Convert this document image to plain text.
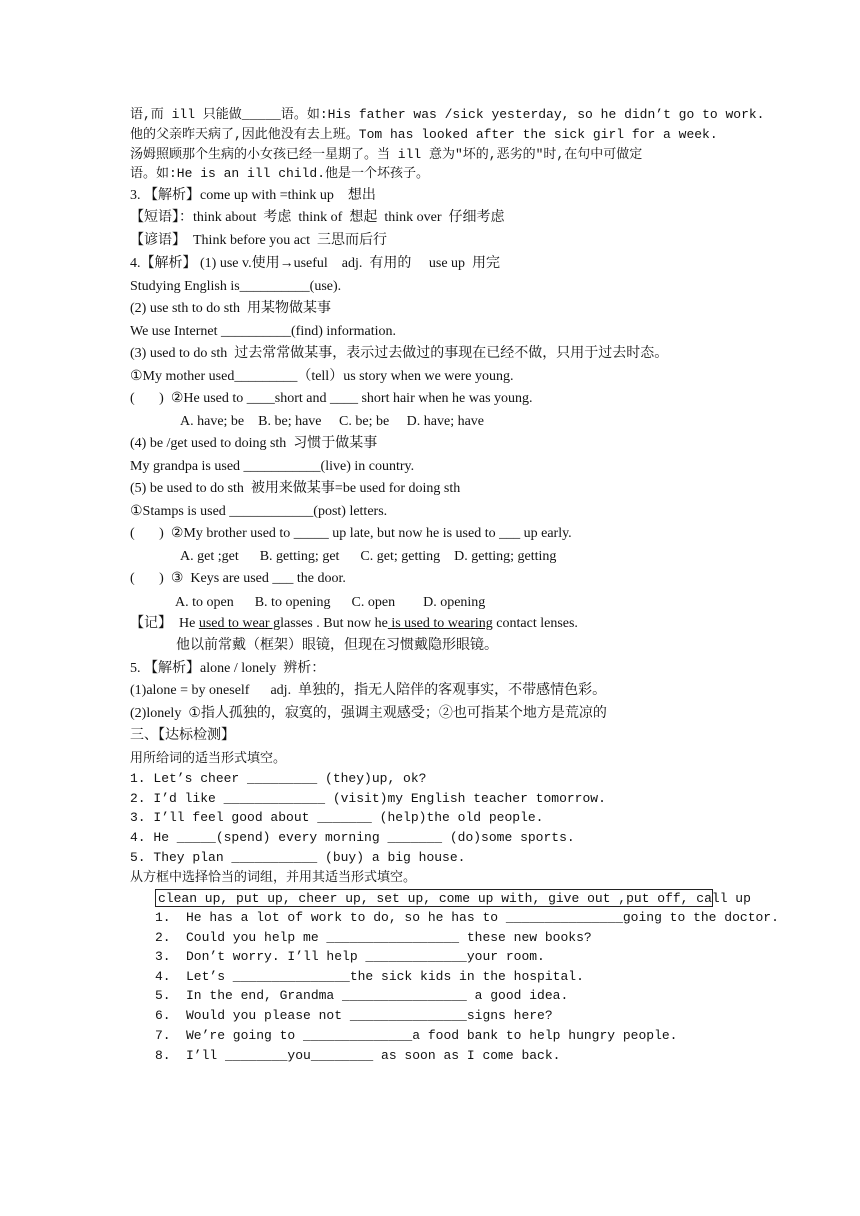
语,而 ill 只能做_____语。如:His father was /sick yesterday, so he didn’t go to work.
他的父亲昨天病了,因此他没有去上班。Tom has looked after the sick girl for a week.
汤姆照顾那个生病的小女孩已经一星期了。当 ill 意为"坏的,恶劣的"时,在句中可做定
语。如:He is an ill child.他是一个坏孩子。
3. 【解析】come up with =think up    想出
【短语】：think about  考虑  think of  想起  think over  仔细考虑
【谚语】  Think before you act  三思而后行
4.【解析】 (1) use v.使用→useful    adj.  有用的     use up  用完
Studying English is__________(use).
(2) use sth to do sth  用某物做某事
We use Internet __________(find) information.
(3) used to do sth  过去常常做某事，表示过去做过的事现在已经不做，只用于过去时态。
①My mother used_________（tell）us story when we were young.
(       )  ②He used to ____short and ____ short hair when he was young.
A. have; be    B. be; have     C. be; be     D. have; have
(4) be /get used to doing sth  习惯于做某事
My grandpa is used ___________(live) in country.
(5) be used to do sth  被用来做某事=be used for doing sth
①Stamps is used ____________(post) letters.
(       )  ②My brother used to _____ up late, but now he is used to ___ up early.
A. get ;get      B. getting; get      C. get; getting    D. getting; getting
(       )  ③  Keys are used ___ the door.
A. to open      B. to opening      C. open        D. opening
【记】  He used to wear glasses . But now he is used to wearing contact lenses.
他以前常戴（框架）眼镜，但现在习惯戴隐形眼镜。
5. 【解析】alone / lonely  辨析：
(1)alone = by oneself      adj.  单独的，指无人陪伴的客观事实，不带感情色彩。
(2)lonely  ①指人孤独的，寂寞的，强调主观感受；②也可指某个地方是荒凉的
三、【达标检测】
用所给词的适当形式填空。
1. Let’s cheer _________ (they)up, ok?
2. I’d like _____________ (visit)my English teacher tomorrow.
3. I’ll feel good about _______ (help)the old people.
4. He _____(spend) every morning _______ (do)some sports.
5. They plan ___________ (buy) a big house.
从方框中选择恰当的词组，并用其适当形式填空。
clean up, put up, cheer up, set up, come up with, give out ,put off, call up
1. He has a lot of work to do, so he has to _______________going to the doctor.
2. Could you help me _________________ these new books?
3. Don’t worry. I’ll help _____________your room.
4. Let’s _______________the sick kids in the hospital.
5. In the end, Grandma ________________ a good idea.
6. Would you please not _______________signs here?
7. We’re going to ______________a food bank to help hungry people.
8. I’ll ________you________ as soon as I come back.
